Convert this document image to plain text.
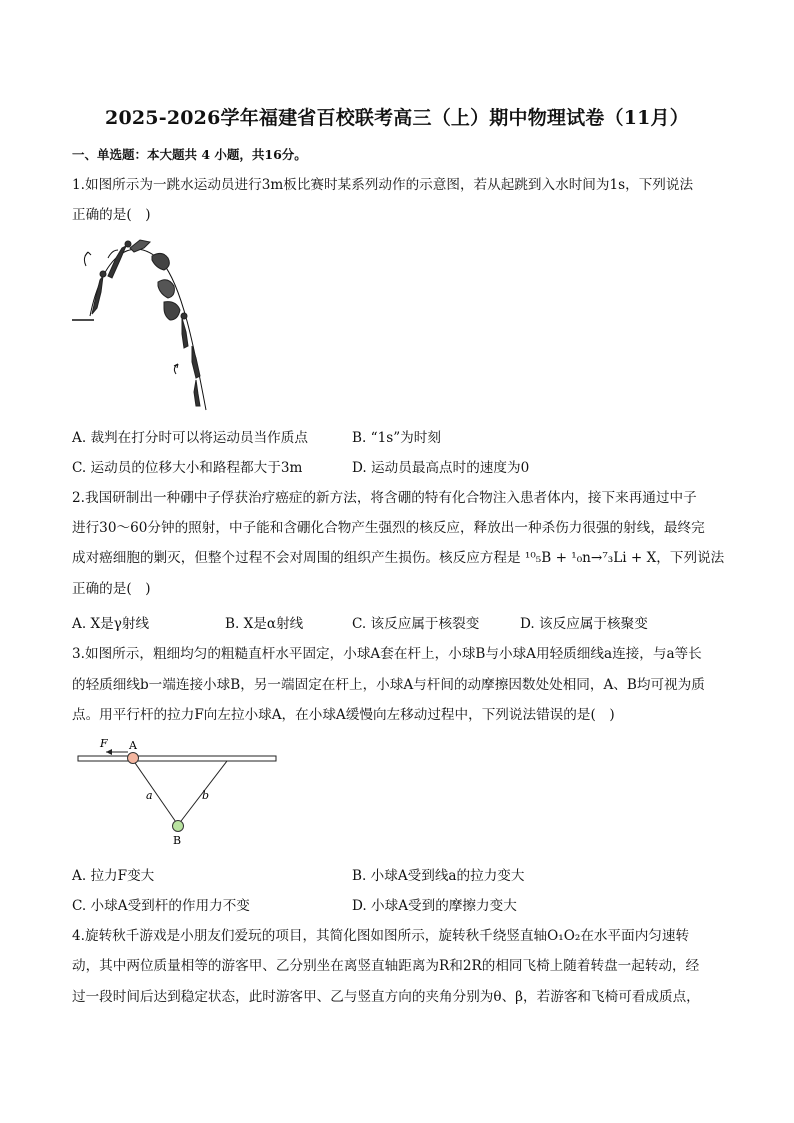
2025-2026学年福建省百校联考高三（上）期中物理试卷（11月）
一、单选题：本大题共 4 小题，共16分。
1.如图所示为一跳水运动员进行3m板比赛时某系列动作的示意图，若从起跳到入水时间为1s，下列说法
正确的是(　)
A. 裁判在打分时可以将运动员当作质点	B. “1s”为时刻
C. 运动员的位移大小和路程都大于3m	D. 运动员最高点时的速度为0
2.我国研制出一种硼中子俘获治疗癌症的新方法，将含硼的特有化合物注入患者体内，接下来再通过中子
进行30～60分钟的照射，中子能和含硼化合物产生强烈的核反应，释放出一种杀伤力很强的射线，最终完
成对癌细胞的剿灭，但整个过程不会对周围的组织产生损伤。核反应方程是 ¹⁰₅B + ¹₀n→⁷₃Li + X，下列说法
正确的是(　)
A. X是γ射线	B. X是α射线	C. 该反应属于核裂变	D. 该反应属于核聚变
3.如图所示，粗细均匀的粗糙直杆水平固定，小球A套在杆上，小球B与小球A用轻质细线a连接，与a等长
的轻质细线b一端连接小球B，另一端固定在杆上，小球A与杆间的动摩擦因数处处相同，A、B均可视为质
点。用平行杆的拉力F向左拉小球A，在小球A缓慢向左移动过程中，下列说法错误的是(　)
F A
a	b
B
A. 拉力F变大	B. 小球A受到线a的拉力变大
C. 小球A受到杆的作用力不变	D. 小球A受到的摩擦力变大
4.旋转秋千游戏是小朋友们爱玩的项目，其简化图如图所示，旋转秋千绕竖直轴O₁O₂在水平面内匀速转
动，其中两位质量相等的游客甲、乙分别坐在离竖直轴距离为R和2R的相同飞椅上随着转盘一起转动，经
过一段时间后达到稳定状态，此时游客甲、乙与竖直方向的夹角分别为θ、β，若游客和飞椅可看成质点，
